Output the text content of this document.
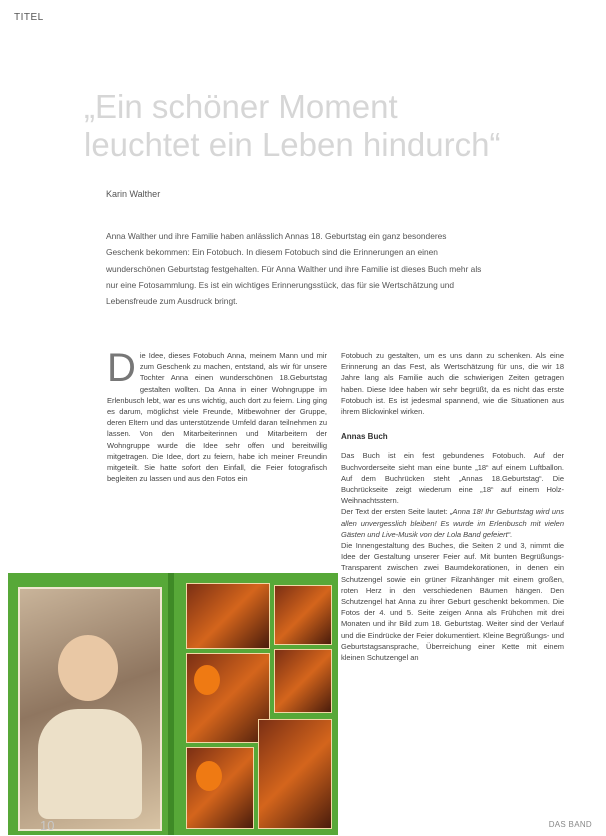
TITEL
„Ein schöner Moment
leuchtet ein Leben hindurch“
Karin Walther

Anna Walther und ihre Familie haben anlässlich Annas 18. Geburtstag ein ganz besonderes Geschenk bekommen: Ein Fotobuch. In diesem Fotobuch sind die Erinnerungen an einen wunderschönen Geburtstag festgehalten. Für Anna Walther und ihre Familie ist dieses Buch mehr als nur eine Fotosammlung. Es ist ein wichtiges Erinnerungsstück, das für sie Wertschätzung und Lebensfreude zum Ausdruck bringt.

Die Idee, dieses Fotobuch Anna, meinem Mann und mir zum Geschenk zu machen, entstand, als wir für unsere Tochter Anna einen wunderschönen 18.Geburtstag gestalten wollten. Da Anna in einer Wohngruppe im Erlenbusch lebt, war es uns wichtig, auch dort zu feiern. Ling ging es darum, möglichst viele Freunde, Mitbewohner der Gruppe, deren Eltern und das unterstützende Umfeld daran teilnehmen zu lassen. Von den Mitarbeiterinnen und Mitarbeitern der Wohngruppe wurde die Idee sehr offen und bereitwillig mitgetragen. Die Idee, dort zu feiern, habe ich meiner Freundin mitgeteilt. Sie hatte sofort den Einfall, die Feier fotografisch begleiten zu lassen und aus den Fotos ein

Fotobuch zu gestalten, um es uns dann zu schenken. Als eine Erinnerung an das Fest, als Wertschätzung für uns, die wir 18 Jahre lang als Familie auch die schwierigen Zeiten getragen haben. Diese Idee haben wir sehr begrüßt, da es nicht das erste Fotobuch ist. Es ist jedesmal spannend, wie die Situationen aus ihrem Blickwinkel wirken.

Annas Buch

Das Buch ist ein fest gebundenes Fotobuch. Auf der Buchvorderseite sieht man eine bunte „18“ auf einem Luftballon. Auf dem Buchrücken steht „Annas 18.Geburtstag“. Die Buchrückseite zeigt wiederum eine „18“ auf einem Holz-Weihnachtsstern.

Der Text der ersten Seite lautet: „Anna 18! Ihr Geburtstag wird uns allen unvergesslich bleiben! Es wurde im Erlenbusch mit vielen Gästen und Live-Musik von der Lola Band gefeiert“.

Die Innengestaltung des Buches, die Seiten 2 und 3, nimmt die Idee der Gestaltung unserer Feier auf. Mit bunten Begrüßungs-Transparent zwischen zwei Baumdekorationen, in denen ein Schutzengel sowie ein grüner Filzanhänger mit einem großen, roten Herz in den verschiedenen Bäumen hängen. Den Schutzengel hat Anna zu ihrer Geburt geschenkt bekommen. Die Fotos der 4. und 5. Seite zeigen Anna als Frühchen mit drei Monaten und ihr Bild zum 18. Geburtstag. Weiter sind der Verlauf und die Eindrücke der Feier dokumentiert. Kleine Begrüßungs- und Geburtstagsansprache, Überreichung einer Kette mit einem kleinen Schutzengel an

10	DAS BAND
